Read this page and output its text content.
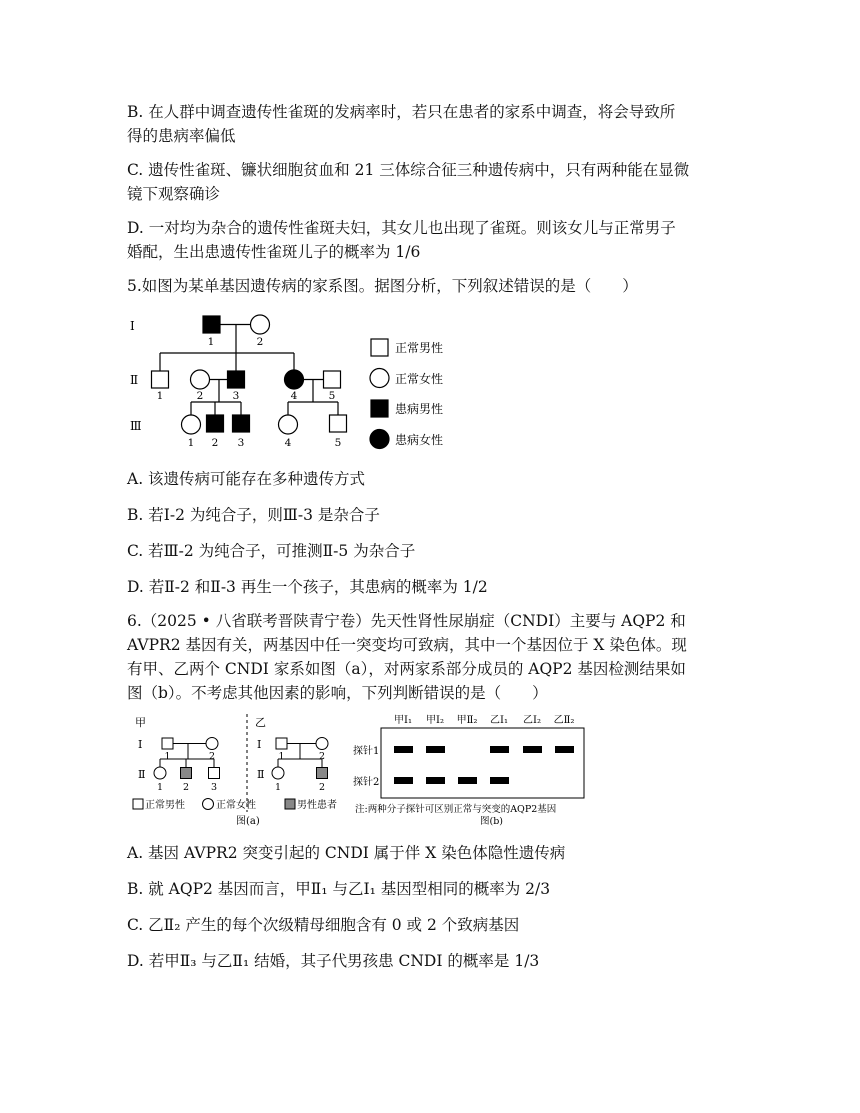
B. 在人群中调查遗传性雀斑的发病率时，若只在患者的家系中调查，将会导致所
得的患病率偏低
C. 遗传性雀斑、镰状细胞贫血和 21 三体综合征三种遗传病中，只有两种能在显微
镜下观察确诊
D. 一对均为杂合的遗传性雀斑夫妇，其女儿也出现了雀斑。则该女儿与正常男子
婚配，生出患遗传性雀斑儿子的概率为 1/6
5.如图为某单基因遗传病的家系图。据图分析，下列叙述错误的是（　　）
Ⅰ
Ⅱ
Ⅲ
1	2
1	2	3	4	5
1 2 3	4	5
正常男性
正常女性
患病男性
患病女性
A. 该遗传病可能存在多种遗传方式
B. 若Ⅰ-2 为纯合子，则Ⅲ-3 是杂合子
C. 若Ⅲ-2 为纯合子，可推测Ⅱ-5 为杂合子
D. 若Ⅱ-2 和Ⅱ-3 再生一个孩子，其患病的概率为 1/2
6.（2025 • 八省联考晋陕青宁卷）先天性肾性尿崩症（CNDI）主要与 AQP2 和
AVPR2 基因有关，两基因中任一突变均可致病，其中一个基因位于 X 染色体。现
有甲、乙两个 CNDI 家系如图（a），对两家系部分成员的 AQP2 基因检测结果如
图（b）。不考虑其他因素的影响，下列判断错误的是（　　）
甲
Ⅰ
Ⅱ
乙
Ⅰ
Ⅱ
1	2
1 2 3
1	2
1	2
正常男性	正常女性	男性患者
图(a)
甲Ⅰ₁ 甲Ⅰ₂ 甲Ⅱ₂ 乙Ⅰ₁ 乙Ⅰ₂ 乙Ⅱ₂
探针1
探针2
注:两种分子探针可区别正常与突变的AQP2基因
图(b)
A. 基因 AVPR2 突变引起的 CNDI 属于伴 X 染色体隐性遗传病
B. 就 AQP2 基因而言，甲Ⅱ₁ 与乙Ⅰ₁ 基因型相同的概率为 2/3
C. 乙Ⅱ₂ 产生的每个次级精母细胞含有 0 或 2 个致病基因
D. 若甲Ⅱ₃ 与乙Ⅱ₁ 结婚，其子代男孩患 CNDI 的概率是 1/3
